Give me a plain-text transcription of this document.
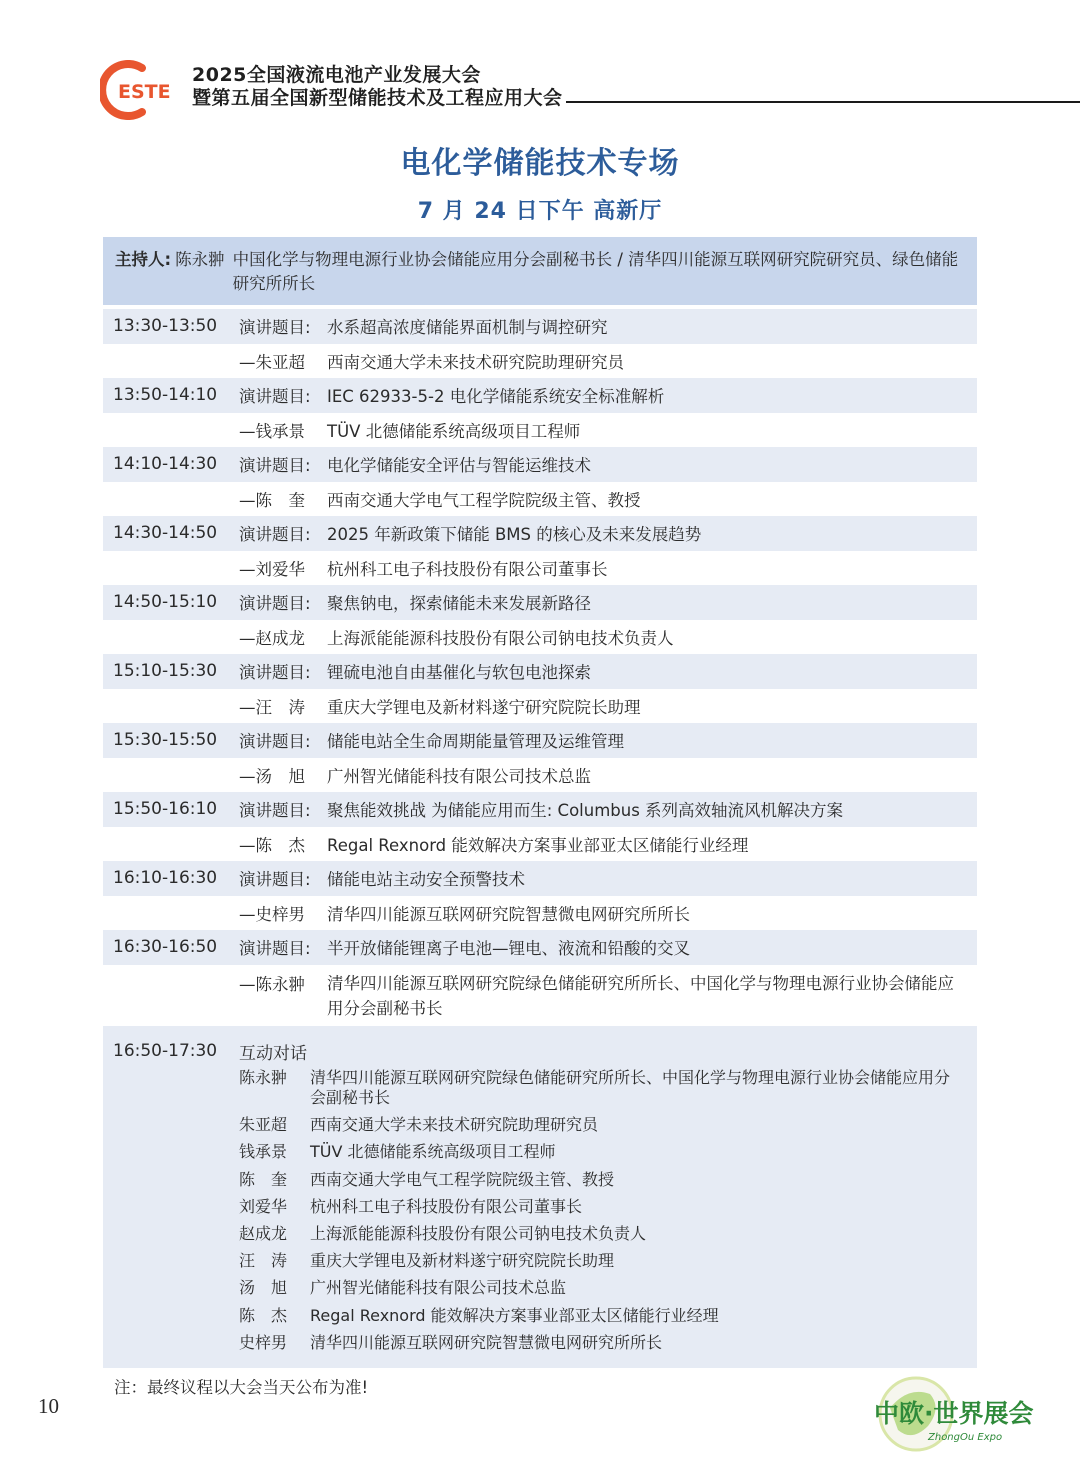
ESTE
2025全国液流电池产业发展大会
暨第五届全国新型储能技术及工程应用大会
电化学储能技术专场
7 月 24 日下午 高新厅
主持人: 陈永翀 中国化学与物理电源行业协会储能应用分会副秘书长 / 清华四川能源互联网研究院研究员、绿色储能研究所所长
13:30-13:50	演讲题目: 水系超高浓度储能界面机制与调控研究
—朱亚超	西南交通大学未来技术研究院助理研究员
13:50-14:10	演讲题目: IEC 62933-5-2 电化学储能系统安全标准解析
—钱承景	TÜV 北德储能系统高级项目工程师
14:10-14:30	演讲题目: 电化学储能安全评估与智能运维技术
—陈　奎	西南交通大学电气工程学院院级主管、教授
14:30-14:50	演讲题目: 2025 年新政策下储能 BMS 的核心及未来发展趋势
—刘爱华	杭州科工电子科技股份有限公司董事长
14:50-15:10	演讲题目: 聚焦钠电，探索储能未来发展新路径
—赵成龙	上海派能能源科技股份有限公司钠电技术负责人
15:10-15:30	演讲题目: 锂硫电池自由基催化与软包电池探索
—汪　涛	重庆大学锂电及新材料遂宁研究院院长助理
15:30-15:50	演讲题目: 储能电站全生命周期能量管理及运维管理
—汤　旭	广州智光储能科技有限公司技术总监
15:50-16:10	演讲题目: 聚焦能效挑战 为储能应用而生: Columbus 系列高效轴流风机解决方案
—陈　杰	Regal Rexnord 能效解决方案事业部亚太区储能行业经理
16:10-16:30	演讲题目: 储能电站主动安全预警技术
—史梓男	清华四川能源互联网研究院智慧微电网研究所所长
16:30-16:50	演讲题目: 半开放储能锂离子电池—锂电、液流和铅酸的交叉
—陈永翀	清华四川能源互联网研究院绿色储能研究所所长、中国化学与物理电源行业协会储能应用分会副秘书长
16:50-17:30	互动对话
陈永翀	清华四川能源互联网研究院绿色储能研究所所长、中国化学与物理电源行业协会储能应用分会副秘书长
朱亚超	西南交通大学未来技术研究院助理研究员
钱承景	TÜV 北德储能系统高级项目工程师
陈　奎	西南交通大学电气工程学院院级主管、教授
刘爱华	杭州科工电子科技股份有限公司董事长
赵成龙	上海派能能源科技股份有限公司钠电技术负责人
汪　涛	重庆大学锂电及新材料遂宁研究院院长助理
汤　旭	广州智光储能科技有限公司技术总监
陈　杰	Regal Rexnord 能效解决方案事业部亚太区储能行业经理
史梓男	清华四川能源互联网研究院智慧微电网研究所所长
注：最终议程以大会当天公布为准!
10	中欧·世界展会
ZhongOu Expo
